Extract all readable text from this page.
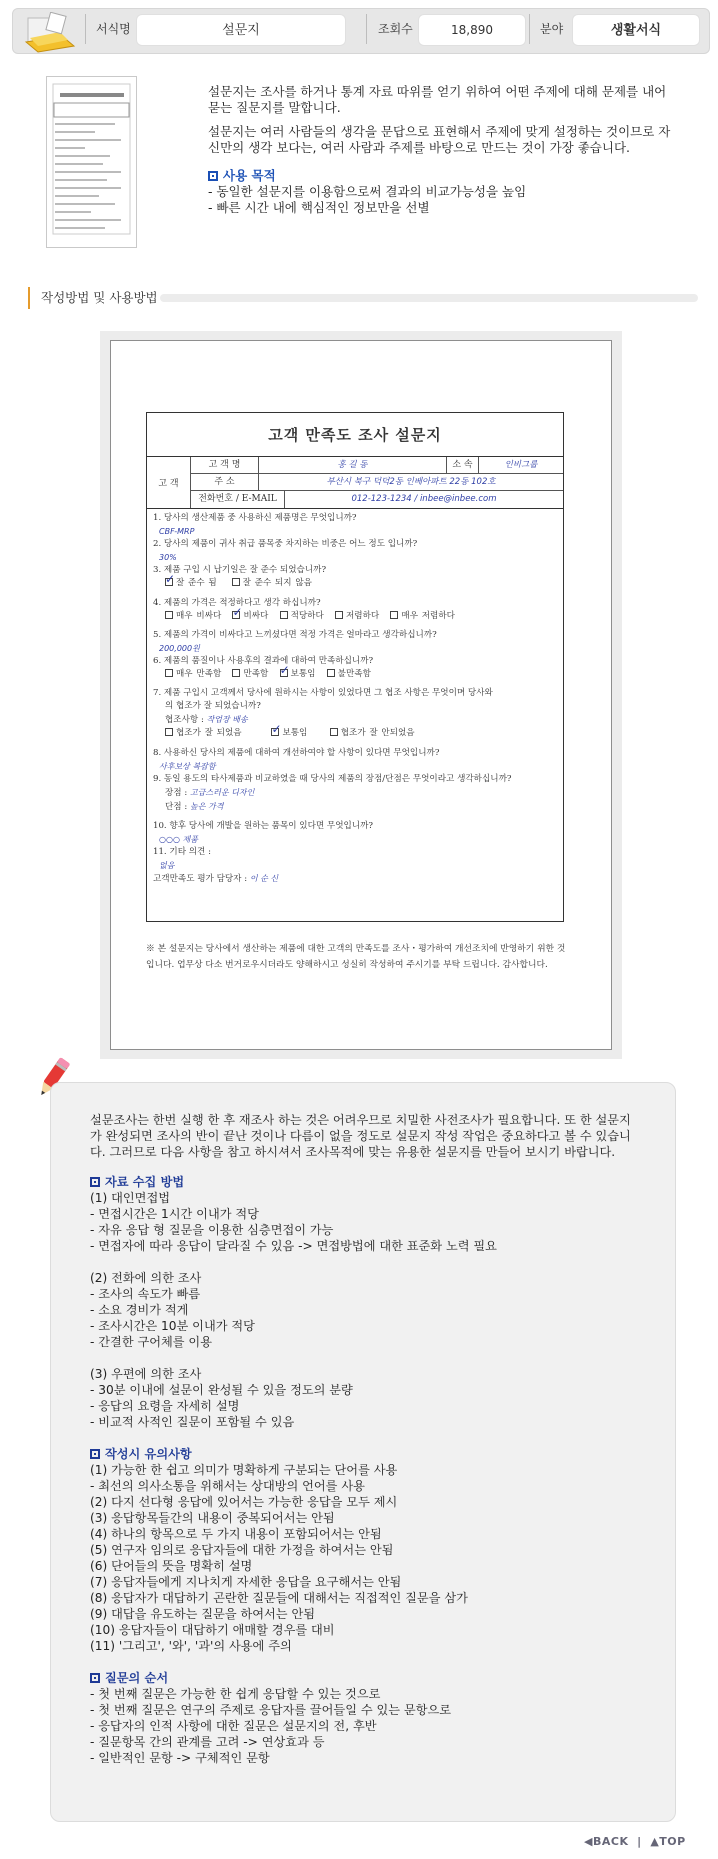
서식명	설문지	조회수	18,890	분야	생활서식

설문지는 조사를 하거나 통계 자료 따위를 얻기 위하여 어떤 주제에 대해 문제를 내어 묻는 질문지를 말합니다.

설문지는 여러 사람들의 생각을 문답으로 표현해서 주제에 맞게 설정하는 것이므로 자신만의 생각 보다는, 여러 사람과 주제를 바탕으로 만드는 것이 가장 좋습니다.

사용 목적
- 동일한 설문지를 이용함으로써 결과의 비교가능성을 높임
- 빠른 시간 내에 핵심적인 정보만을 선별
작성방법 및 사용방법
고객 만족도 조사 설문지
고 객
고 객 명	홍 길 동	소 속	인비그룹
주 소	부산시 북구 덕덕2동 인베아파트 22동 102호
전화번호 / E-MAIL	012-123-1234 / inbee@inbee.com
1. 당사의 생산제품 중 사용하신 제품명은 무엇입니까?
CBF-MRP
2. 당사의 제품이 귀사 취급 품목중 차지하는 비중은 어느 정도 입니까?
30%
3. 제품 구입 시 납기일은 잘 준수 되었습니까?
✓잘 준수 됨	잘 준수 되지 않음
4. 제품의 가격은 적정하다고 생각 하십니까?
매우 비싸다 ✓	비싸다	적당하다	저렴하다	매우 저렴하다
5. 제품의 가격이 비싸다고 느끼셨다면 적정 가격은 얼마라고 생각하십니까?
200,000원
6. 제품의 품질이나 사용후의 결과에 대하여 만족하십니까?
매우 만족함	만족함 ✓	보통임	불만족함
7. 제품 구입시 고객께서 당사에 원하시는 사항이 있었다면 그 협조 사항은 무엇이며 당사와
의 협조가 잘 되었습니까?
협조사항 : 작업장 배송
협조가 잘 되었음 ✓	보통임	협조가 잘 안되었음
8. 사용하신 당사의 제품에 대하여 개선하여야 할 사항이 있다면 무엇입니까?
사후보상 복잡함
9. 동일 용도의 타사제품과 비교하였을 때 당사의 제품의 장점/단점은 무엇이라고 생각하십니까?
장점 : 고급스러운 디자인
단점 : 높은 가격
10. 향후 당사에 개발을 원하는 품목이 있다면 무엇입니까?
○○○ 제품
11. 기타 의견 :
없음
고객만족도 평가 담당자 : 이 순 신
※ 본 설문지는 당사에서 생산하는 제품에 대한 고객의 만족도를 조사・평가하여 개선조치에 반영하기 위한 것입니다. 업무상 다소 번거로우시더라도 양해하시고 성실히 작성하여 주시기를 부탁 드립니다. 감사합니다.
설문조사는 한번 실행 한 후 재조사 하는 것은 어려우므로 치밀한 사전조사가 필요합니다. 또 한 설문지가 완성되면 조사의 반이 끝난 것이나 다름이 없을 정도로 설문지 작성 작업은 중요하다고 볼 수 있습니다. 그러므로 다음 사항을 참고 하시셔서 조사목적에 맞는 유용한 설문지를 만들어 보시기 바랍니다.
자료 수집 방법
(1) 대인면접법
- 면접시간은 1시간 이내가 적당
- 자유 응답 형 질문을 이용한 심층면접이 가능
- 면접자에 따라 응답이 달라질 수 있음 -> 면접방법에 대한 표준화 노력 필요
(2) 전화에 의한 조사
- 조사의 속도가 빠름
- 소요 경비가 적게
- 조사시간은 10분 이내가 적당
- 간결한 구어체를 이용
(3) 우편에 의한 조사
- 30분 이내에 설문이 완성될 수 있을 정도의 분량
- 응답의 요령을 자세히 설명
- 비교적 사적인 질문이 포함될 수 있음
작성시 유의사항
(1) 가능한 한 쉽고 의미가 명확하게 구분되는 단어를 사용
- 최선의 의사소통을 위해서는 상대방의 언어를 사용
(2) 다지 선다형 응답에 있어서는 가능한 응답을 모두 제시
(3) 응답항목들간의 내용이 중복되어서는 안됨
(4) 하나의 항목으로 두 가지 내용이 포함되어서는 안됨
(5) 연구자 임의로 응답자들에 대한 가정을 하여서는 안됨
(6) 단어들의 뜻을 명확히 설명
(7) 응답자들에게 지나치게 자세한 응답을 요구해서는 안됨
(8) 응답자가 대답하기 곤란한 질문들에 대해서는 직접적인 질문을 삼가
(9) 대답을 유도하는 질문을 하여서는 안됨
(10) 응답자들이 대답하기 애매할 경우를 대비
(11) '그리고', '와', '과'의 사용에 주의
질문의 순서
- 첫 번째 질문은 가능한 한 쉽게 응답할 수 있는 것으로
- 첫 번째 질문은 연구의 주제로 응답자를 끌어들일 수 있는 문항으로
- 응답자의 인적 사항에 대한 질문은 설문지의 전, 후반
- 질문항목 간의 관계를 고려 -> 연상효과 등
- 일반적인 문항 -> 구체적인 문항
◀BACK  |  ▲TOP
